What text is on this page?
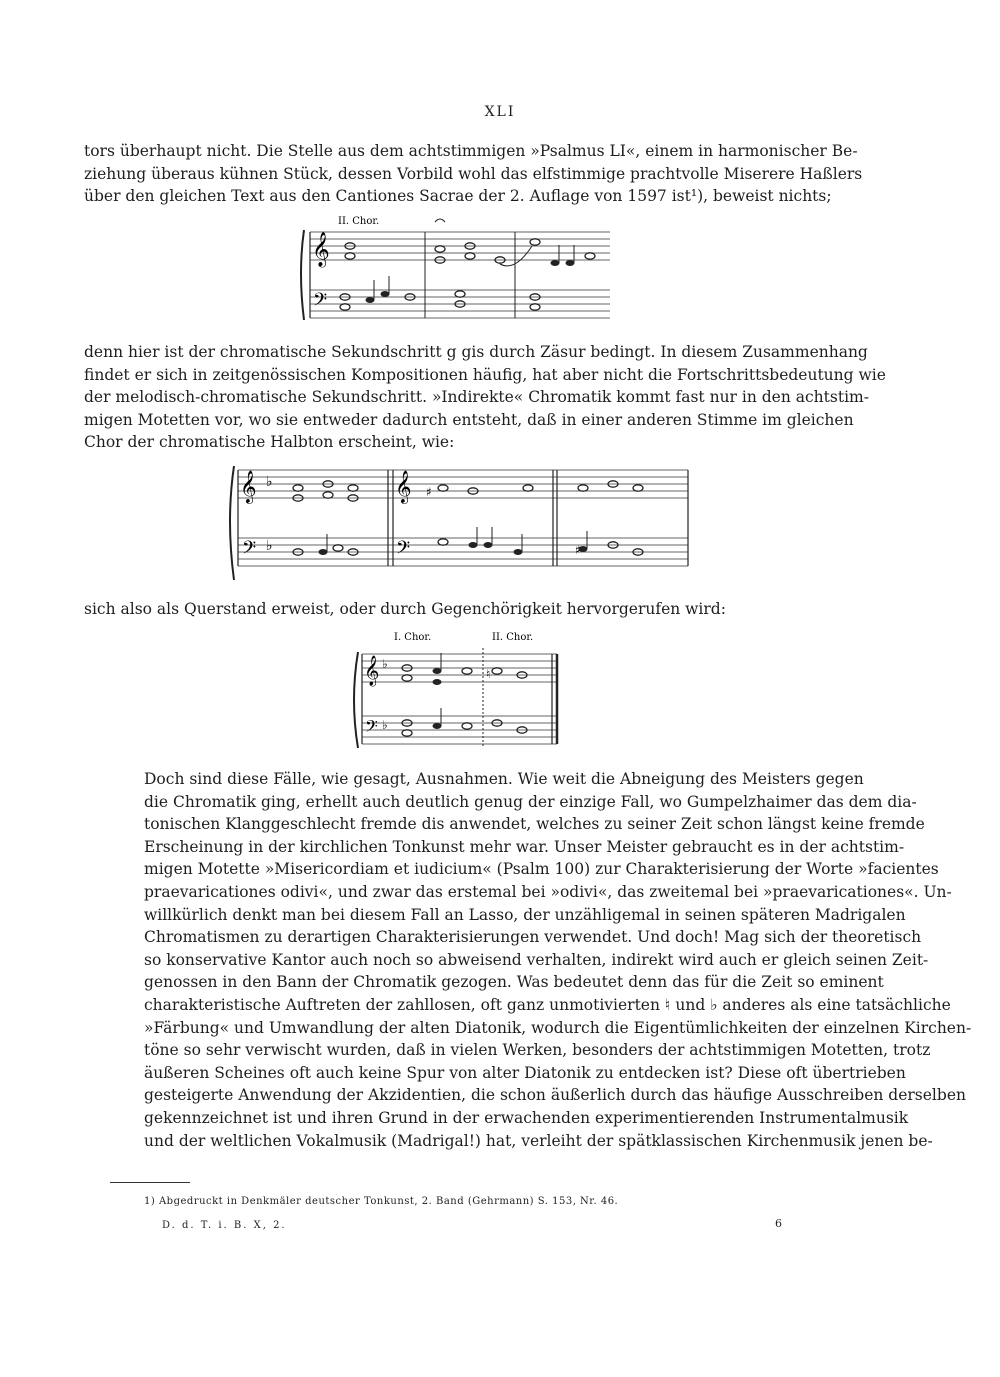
XLI

tors überhaupt nicht. Die Stelle aus dem achtstimmigen »Psalmus LI«, einem in harmonischer Be-
ziehung überaus kühnen Stück, dessen Vorbild wohl das elfstimmige prachtvolle Miserere Haßlers
über den gleichen Text aus den Cantiones Sacrae der 2. Auflage von 1597 ist¹), beweist nichts;

II. Chor.
𝄞
𝄢

denn hier ist der chromatische Sekundschritt g gis durch Zäsur bedingt. In diesem Zusammenhang
findet er sich in zeitgenössischen Kompositionen häufig, hat aber nicht die Fortschrittsbedeutung wie
der melodisch-chromatische Sekundschritt. »Indirekte« Chromatik kommt fast nur in den achtstim-
migen Motetten vor, wo sie entweder dadurch entsteht, daß in einer anderen Stimme im gleichen
Chor der chromatische Halbton erscheint, wie:

𝄞 ♭	𝄞
𝄢 ♭	𝄢	♯
♯

sich also als Querstand erweist, oder durch Gegenchörigkeit hervorgerufen wird:

I. Chor.	II. Chor.
𝄞
𝄢
♭
♭
♮

Doch sind diese Fälle, wie gesagt, Ausnahmen. Wie weit die Abneigung des Meisters gegen
die Chromatik ging, erhellt auch deutlich genug der einzige Fall, wo Gumpelzhaimer das dem dia-
tonischen Klanggeschlecht fremde dis anwendet, welches zu seiner Zeit schon längst keine fremde
Erscheinung in der kirchlichen Tonkunst mehr war. Unser Meister gebraucht es in der achtstim-
migen Motette »Misericordiam et iudicium« (Psalm 100) zur Charakterisierung der Worte »facientes
praevaricationes odivi«, und zwar das erstemal bei »odivi«, das zweitemal bei »praevaricationes«. Un-
willkürlich denkt man bei diesem Fall an Lasso, der unzähligemal in seinen späteren Madrigalen
Chromatismen zu derartigen Charakterisierungen verwendet. Und doch! Mag sich der theoretisch
so konservative Kantor auch noch so abweisend verhalten, indirekt wird auch er gleich seinen Zeit-
genossen in den Bann der Chromatik gezogen. Was bedeutet denn das für die Zeit so eminent
charakteristische Auftreten der zahllosen, oft ganz unmotivierten ♮ und ♭ anderes als eine tatsächliche
»Färbung« und Umwandlung der alten Diatonik, wodurch die Eigentümlichkeiten der einzelnen Kirchen-
töne so sehr verwischt wurden, daß in vielen Werken, besonders der achtstimmigen Motetten, trotz
äußeren Scheines oft auch keine Spur von alter Diatonik zu entdecken ist? Diese oft übertrieben
gesteigerte Anwendung der Akzidentien, die schon äußerlich durch das häufige Ausschreiben derselben
gekennzeichnet ist und ihren Grund in der erwachenden experimentierenden Instrumentalmusik
und der weltlichen Vokalmusik (Madrigal!) hat, verleiht der spätklassischen Kirchenmusik jenen be-

1) Abgedruckt in Denkmäler deutscher Tonkunst, 2. Band (Gehrmann) S. 153, Nr. 46.
D. d. T. i. B. X, 2.	6
